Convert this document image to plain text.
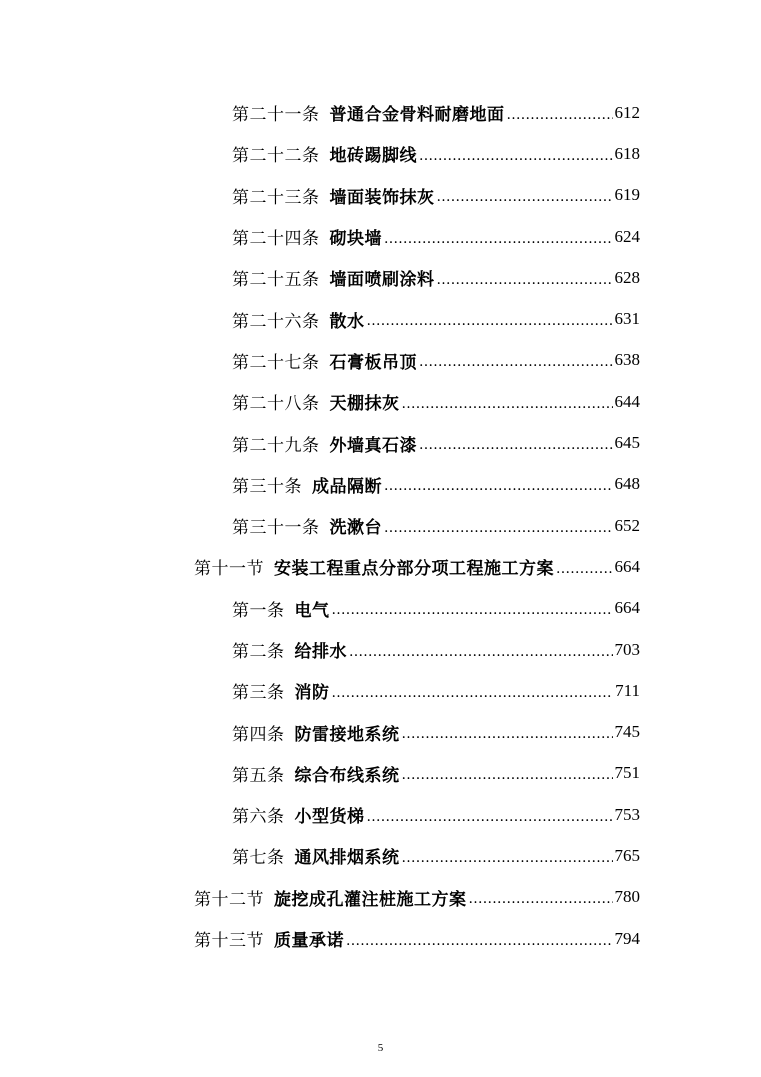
第二十一条 普通合金骨料耐磨地面 .....	612
第二十二条 地砖踢脚线 .....	618
第二十三条 墙面装饰抹灰 .....	619
第二十四条 砌块墙 .....	624
第二十五条 墙面喷刷涂料 .....	628
第二十六条 散水 .....	631
第二十七条 石膏板吊顶 .....	638
第二十八条 天棚抹灰 .....	644
第二十九条 外墙真石漆 .....	645
第三十条 成品隔断 .....	648
第三十一条 洗漱台 .....	652
第十一节 安装工程重点分部分项工程施工方案 .....	664
第一条 电气 .....	664
第二条 给排水 .....	703
第三条 消防 .....	711
第四条 防雷接地系统 .....	745
第五条 综合布线系统 .....	751
第六条 小型货梯 .....	753
第七条 通风排烟系统 .....	765
第十二节 旋挖成孔灌注桩施工方案 .....	780
第十三节 质量承诺 .....	794
5
